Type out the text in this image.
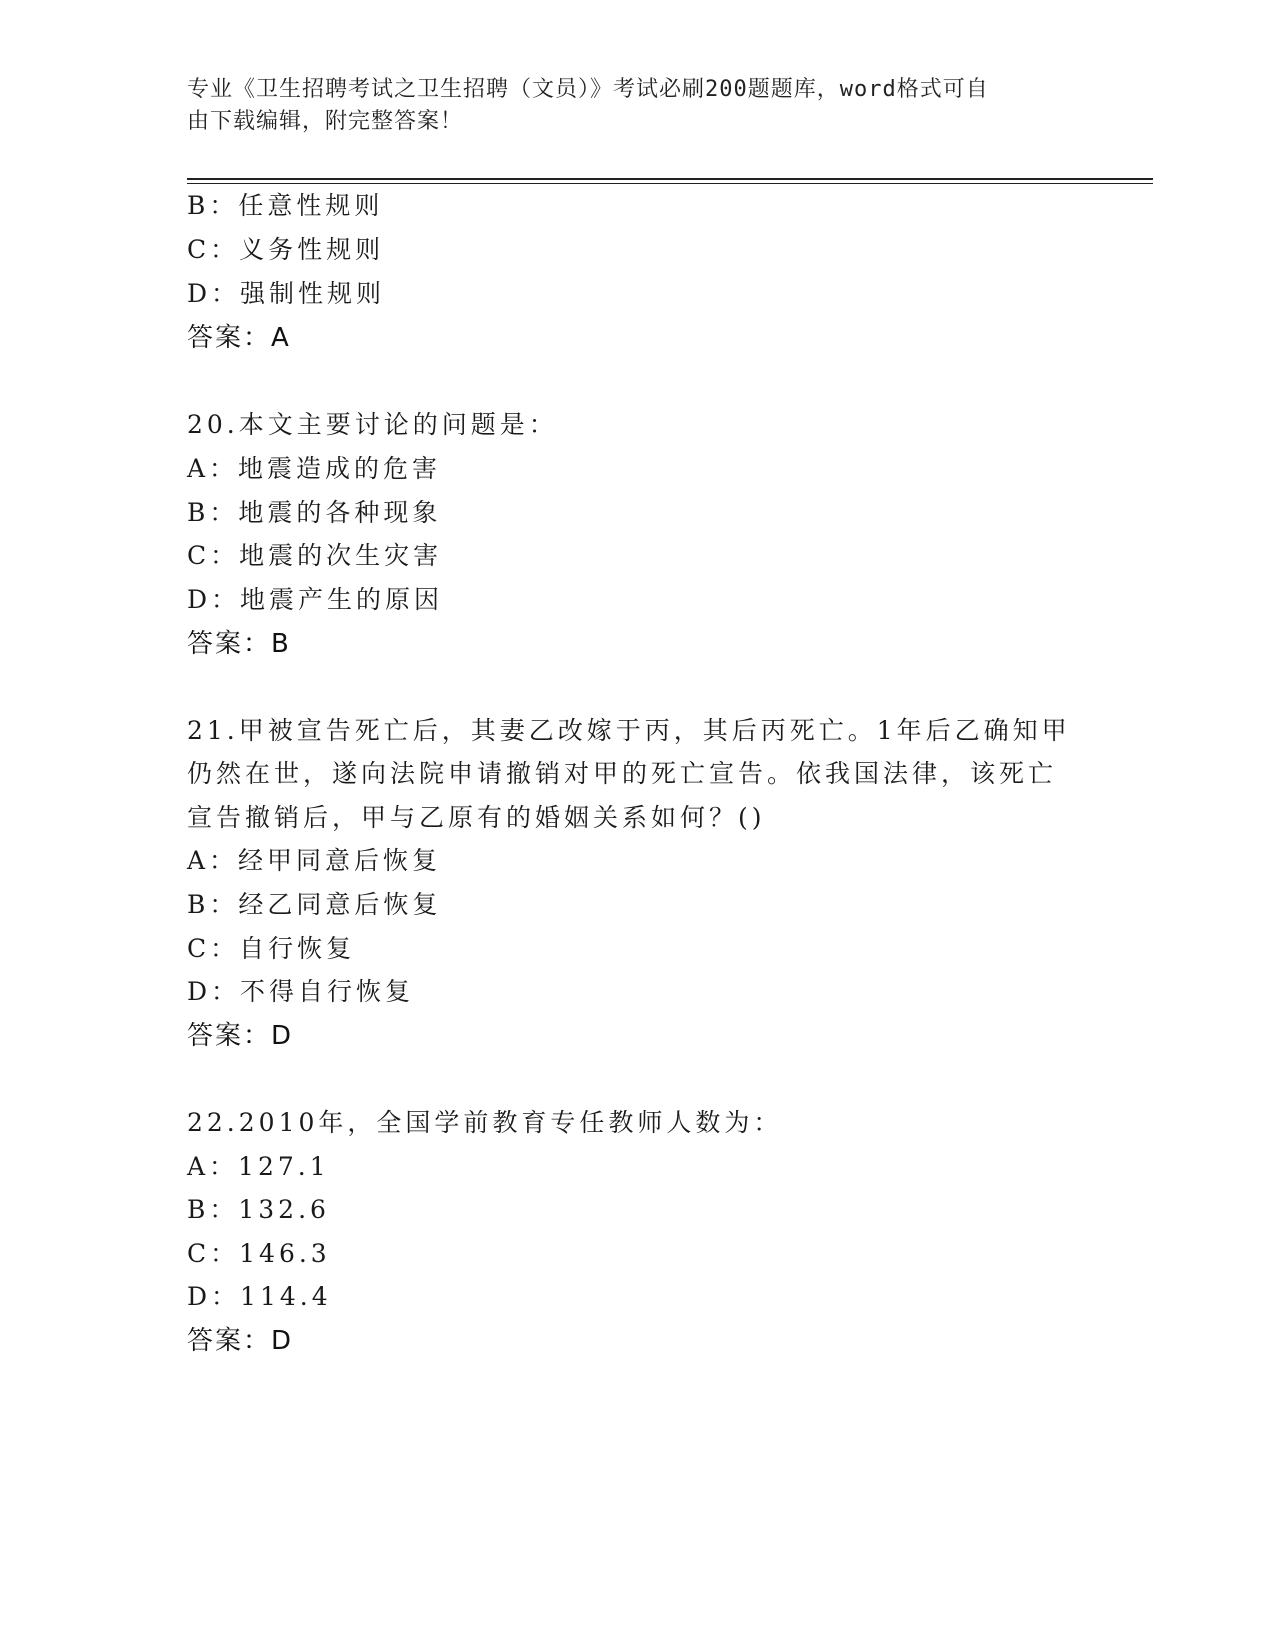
专业《卫生招聘考试之卫生招聘（文员）》考试必刷200题题库，word格式可自
由下载编辑，附完整答案！
B：任意性规则
C：义务性规则
D：强制性规则
答案：A
20.本文主要讨论的问题是：
A：地震造成的危害
B：地震的各种现象
C：地震的次生灾害
D：地震产生的原因
答案：B
21.甲被宣告死亡后，其妻乙改嫁于丙，其后丙死亡。1年后乙确知甲
仍然在世，遂向法院申请撤销对甲的死亡宣告。依我国法律，该死亡
宣告撤销后，甲与乙原有的婚姻关系如何？()
A：经甲同意后恢复
B：经乙同意后恢复
C：自行恢复
D：不得自行恢复
答案：D
22.2010年，全国学前教育专任教师人数为：
A：127.1
B：132.6
C：146.3
D：114.4
答案：D
